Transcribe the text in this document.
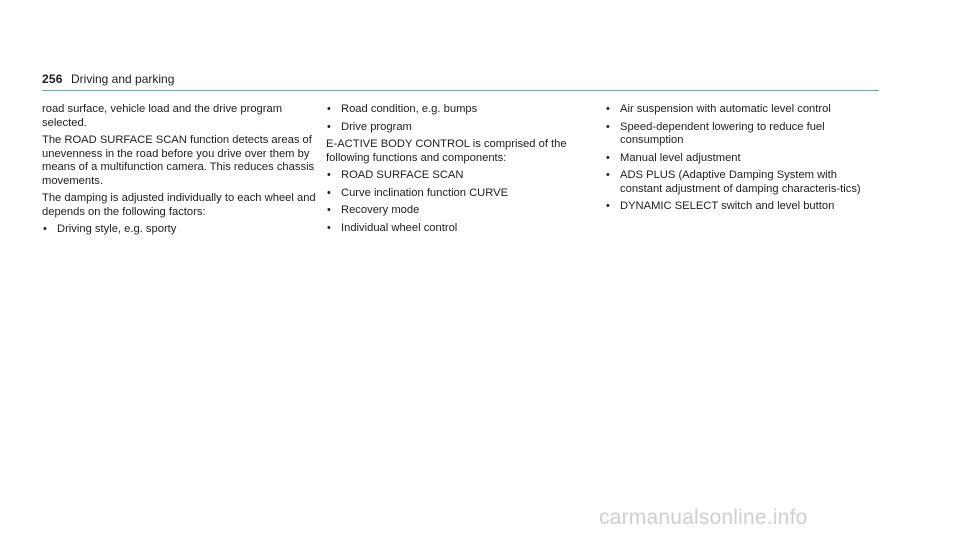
256 Driving and parking

road surface, vehicle load and the drive program selected.

The ROAD SURFACE SCAN function detects areas of unevenness in the road before you drive over them by means of a multifunction camera. This reduces chassis movements.

The damping is adjusted individually to each wheel and depends on the following factors:

• Driving style, e.g. sporty
• Road condition, e.g. bumps
• Drive program

E-ACTIVE BODY CONTROL is comprised of the following functions and components:

• ROAD SURFACE SCAN
• Curve inclination function CURVE
• Recovery mode
• Individual wheel control
• Air suspension with automatic level control
• Speed-dependent lowering to reduce fuel consumption
• Manual level adjustment
• ADS PLUS (Adaptive Damping System with constant adjustment of damping characteris-tics)
• DYNAMIC SELECT switch and level button
carmanualsonline.info
